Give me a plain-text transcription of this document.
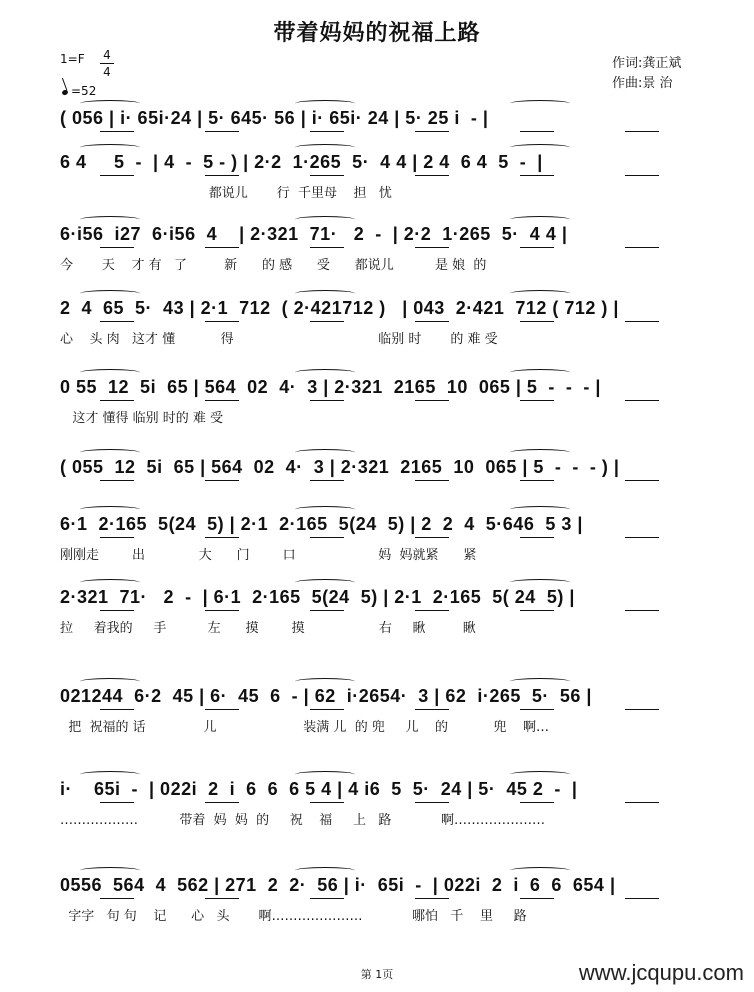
带着妈妈的祝福上路
1=F 4
4
=52
作词:龚正斌
作曲:景 治
( 056 | i· 65i·24 | 5· 645· 56 | i· 65i· 24 | 5· 25 i  - |
6 4     5  -  | 4  -  5 - ) | 2·2  1·265  5·  4 4 | 2 4  6 4  5  -  |
都说儿       行  千里母    担   忧
6·i56  i27  6·i56  4    | 2·321  71·   2  -  | 2·2  1·265  5·  4 4 |
今       天    才 有   了         新      的 感      受      都说儿          是 娘  的
2  4  65  5·  43 | 2·1  712  ( 2·421712 )   | 043  2·421  712 ( 712 ) |
心    头 肉   这才 懂           得                                   临别 时       的 难 受
0 55  12  5i  65 | 564  02  4·  3 | 2·321  2165  10  065 | 5  -  -  - |
这才 懂得 临别 时的 难 受
( 055  12  5i  65 | 564  02  4·  3 | 2·321  2165  10  065 | 5  -  -  - ) |
6·1  2·165  5(24  5) | 2·1  2·165  5(24  5) | 2  2  4  5·646  5 3 |
刚刚走        出             大      门        口                    妈  妈就紧      紧
2·321  71·   2  -  | 6·1  2·165  5(24  5) | 2·1  2·165  5( 24  5) |
拉     着我的     手          左      摸        摸                  右     瞅         瞅
021244  6·2  45 | 6·  45  6  - | 62  i·2654·  3 | 62  i·265  5·  56 |
把  祝福的 话              儿                     装满 儿  的 兜     儿    的           兜    啊…
i·    65i  -  | 022i  2  i  6  6  6 5 4 | 4 i6  5  5·  24 | 5·  45 2  -  |
………………          带着  妈  妈  的     祝    福     上   路            啊…………………
0556  564  4  562 | 271  2  2·  56 | i·  65i  -  | 022i  2  i  6  6  654 |
字字   句 句    记      心   头       啊…………………            哪怕   千    里     路
第 1页	www.jcqupu.com
